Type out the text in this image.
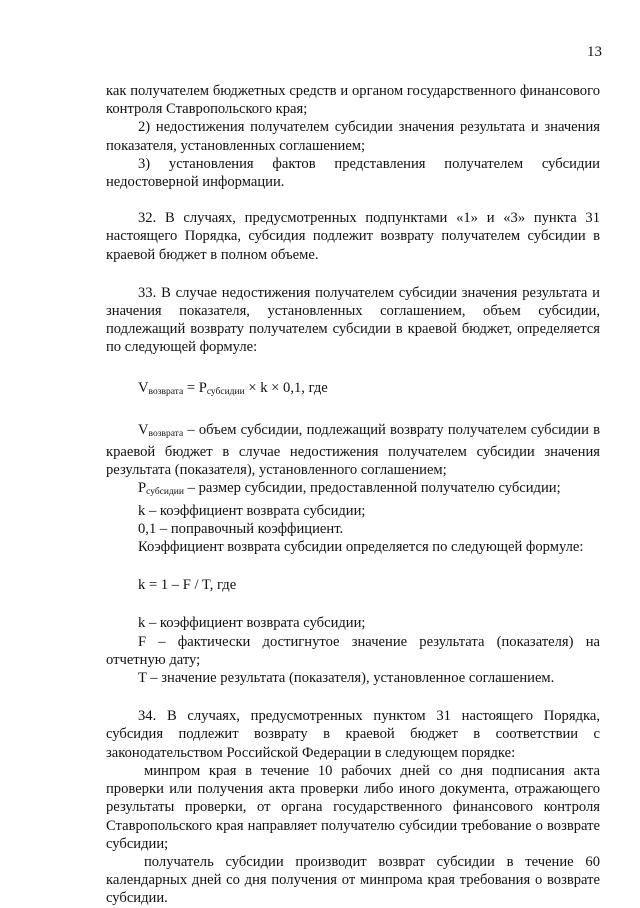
13

как получателем бюджетных средств и органом государственного финансового контроля Ставропольского края;

2) недостижения получателем субсидии значения результата и значения показателя, установленных соглашением;

3) установления фактов представления получателем субсидии недостоверной информации.

32. В случаях, предусмотренных подпунктами «1» и «3» пункта 31 настоящего Порядка, субсидия подлежит возврату получателем субсидии в краевой бюджет в полном объеме.

33. В случае недостижения получателем субсидии значения результата и значения показателя, установленных соглашением, объем субсидии, подлежащий возврату получателем субсидии в краевой бюджет, определяется по следующей формуле:

$V_{возврата} = P_{субсидии} \times k \times 0,1$, где

$V_{возврата}$ – объем субсидии, подлежащий возврату получателем субсидии в краевой бюджет в случае недостижения получателем субсидии значения результата (показателя), установленного соглашением;

$P_{субсидии}$ – размер субсидии, предоставленной получателю субсидии;

k – коэффициент возврата субсидии;

0,1 – поправочный коэффициент.

Коэффициент возврата субсидии определяется по следующей формуле:

k = 1 – F / T, где

k – коэффициент возврата субсидии;

F – фактически достигнутое значение результата (показателя) на отчетную дату;

T – значение результата (показателя), установленное соглашением.

34. В случаях, предусмотренных пунктом 31 настоящего Порядка, субсидия подлежит возврату в краевой бюджет в соответствии с законодательством Российской Федерации в следующем порядке:

минпром края в течение 10 рабочих дней со дня подписания акта проверки или получения акта проверки либо иного документа, отражающего результаты проверки, от органа государственного финансового контроля Ставропольского края направляет получателю субсидии требование о возврате субсидии;

получатель субсидии производит возврат субсидии в течение 60 календарных дней со дня получения от минпрома края требования о возврате субсидии.
